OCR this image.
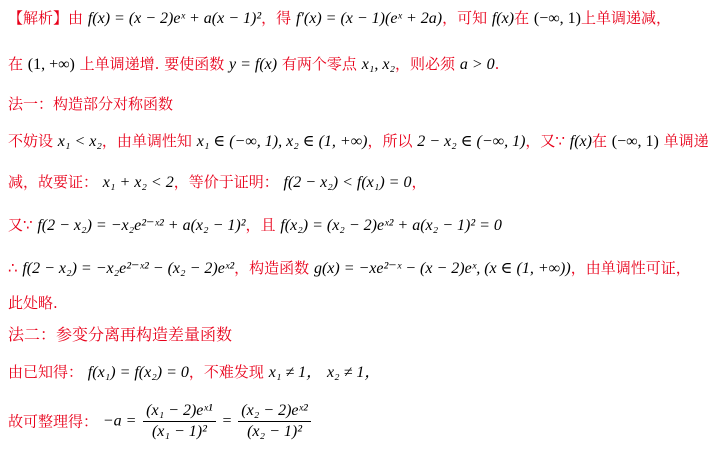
【解析】由 f(x) = (x − 2)eˣ + a(x − 1)²，得 f′(x) = (x − 1)(eˣ + 2a)，可知 f(x)在 (−∞, 1)上单调递减，
在 (1, +∞) 上单调递增. 要使函数 y = f(x) 有两个零点 x₁, x₂，则必须 a > 0.
法一：构造部分对称函数
不妨设 x₁ < x₂，由单调性知 x₁ ∈ (−∞, 1), x₂ ∈ (1, +∞)，所以 2 − x₂ ∈ (−∞, 1)，又∵ f(x)在 (−∞, 1) 单调递
减，故要证： x₁ + x₂ < 2，等价于证明： f(2 − x₂) < f(x₁) = 0，
又∵ f(2 − x₂) = −x₂e²⁻ˣ² + a(x₂ − 1)²，且 f(x₂) = (x₂ − 2)eˣ² + a(x₂ − 1)² = 0
∴ f(2 − x₂) = −x₂e²⁻ˣ² − (x₂ − 2)eˣ²，构造函数 g(x) = −xe²⁻ˣ − (x − 2)eˣ, (x ∈ (1, +∞))，由单调性可证，
此处略.
法二：参变分离再构造差量函数
由已知得： f(x₁) = f(x₂) = 0，不难发现 x₁ ≠ 1， x₂ ≠ 1，
故可整理得： $-a = \frac{\text{(x₁ − 2)eˣ¹}}{\text{(x₁ − 1)²}} = \frac{\text{(x₂ − 2)eˣ²}}{\text{(x₂ − 1)²}}$
